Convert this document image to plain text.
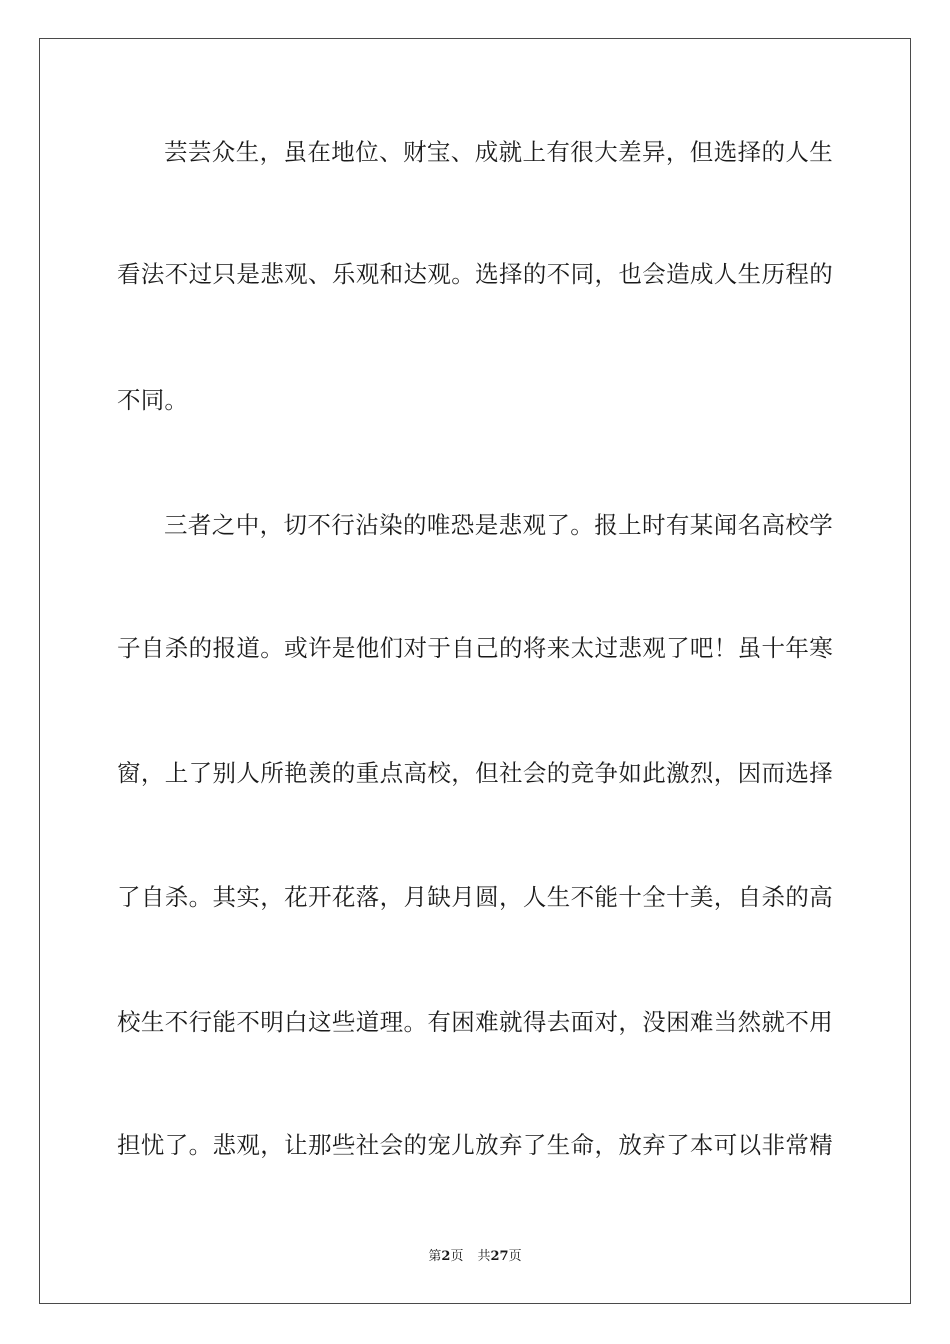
芸芸众生，虽在地位、财宝、成就上有很大差异，但选择的人生
看法不过只是悲观、乐观和达观。选择的不同，也会造成人生历程的
不同。
三者之中，切不行沾染的唯恐是悲观了。报上时有某闻名高校学
子自杀的报道。或许是他们对于自己的将来太过悲观了吧！虽十年寒
窗，上了别人所艳羡的重点高校，但社会的竞争如此激烈，因而选择
了自杀。其实，花开花落，月缺月圆，人生不能十全十美，自杀的高
校生不行能不明白这些道理。有困难就得去面对，没困难当然就不用
担忧了。悲观，让那些社会的宠儿放弃了生命，放弃了本可以非常精
第2页 共27页
